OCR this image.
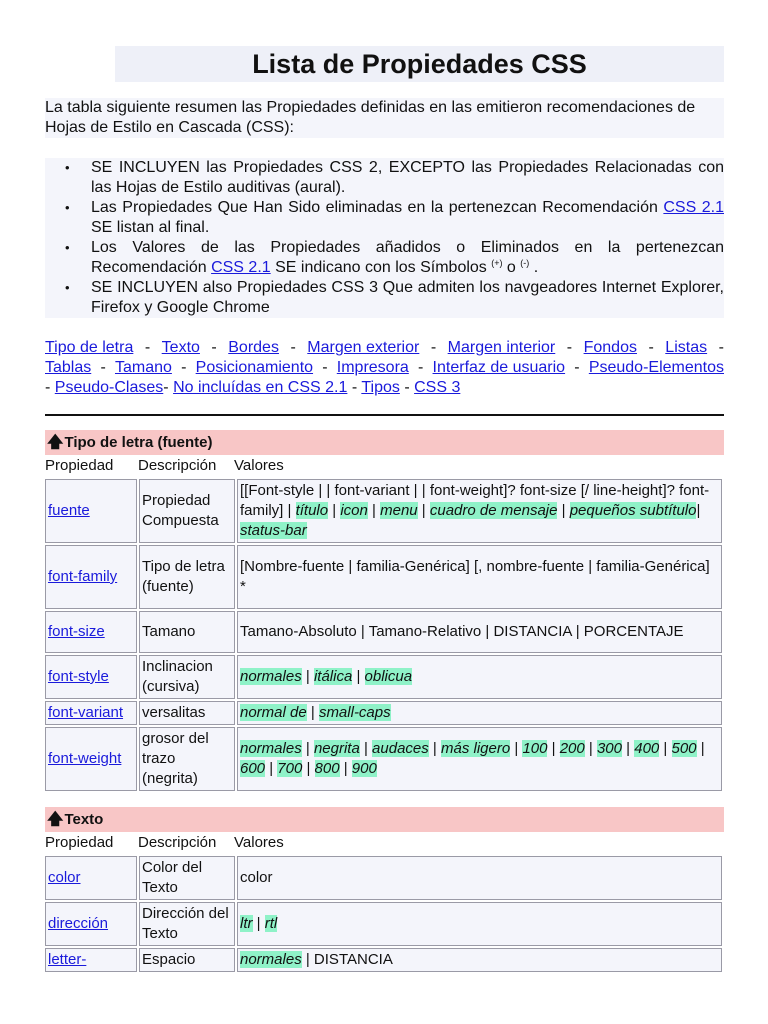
Lista de Propiedades CSS

La tabla siguiente resumen las Propiedades definidas en las emitieron recomendaciones de Hojas de Estilo en Cascada (CSS):

• SE INCLUYEN las Propiedades CSS 2, EXCEPTO las Propiedades Relacionadas con las Hojas de Estilo auditivas (aural).
• Las Propiedades Que Han Sido eliminadas en la pertenezcan Recomendación CSS 2.1 SE listan al final.
• Los Valores de las Propiedades añadidos o Eliminados en la pertenezcan Recomendación CSS 2.1 SE indicano con los Símbolos (+) o (-) .
• SE INCLUYEN also Propiedades CSS 3 Que admiten los navgeadores Internet Explorer, Firefox y Google Chrome
Tipo de letra - Texto - Bordes - Margen exterior - Margen interior - Fondos - Listas -
Tablas - Tamano - Posicionamiento - Impresora - Interfaz de usuario - Pseudo-Elementos
- Pseudo-Clases- No incluídas en CSS 2.1 - Tipos - CSS 3
🡅Tipo de letra (fuente)
Propiedad	Descripción	Valores
fuente	Propiedad Compuesta	[[Font-style | | font-variant | | font-weight]? font-size [/ line-height]? font-family] | título | icon | menu | cuadro de mensaje | pequeños subtítulo| status-bar
font-family	Tipo de letra (fuente)	[Nombre-fuente | familia-Genérica] [, nombre-fuente | familia-Genérica] *
font-size	Tamano	Tamano-Absoluto | Tamano-Relativo | DISTANCIA | PORCENTAJE
font-style	Inclinacion (cursiva)	normales | itálica | oblicua
font-variant	versalitas	normal de | small-caps
font-weight	grosor del trazo (negrita)	normales | negrita | audaces | más ligero | 100 | 200 | 300 | 400 | 500 | 600 | 700 | 800 | 900
🡅Texto
Propiedad	Descripción	Valores
color	Color del Texto	color
dirección	Dirección del Texto	ltr | rtl
letter-	Espacio	normales | DISTANCIA
